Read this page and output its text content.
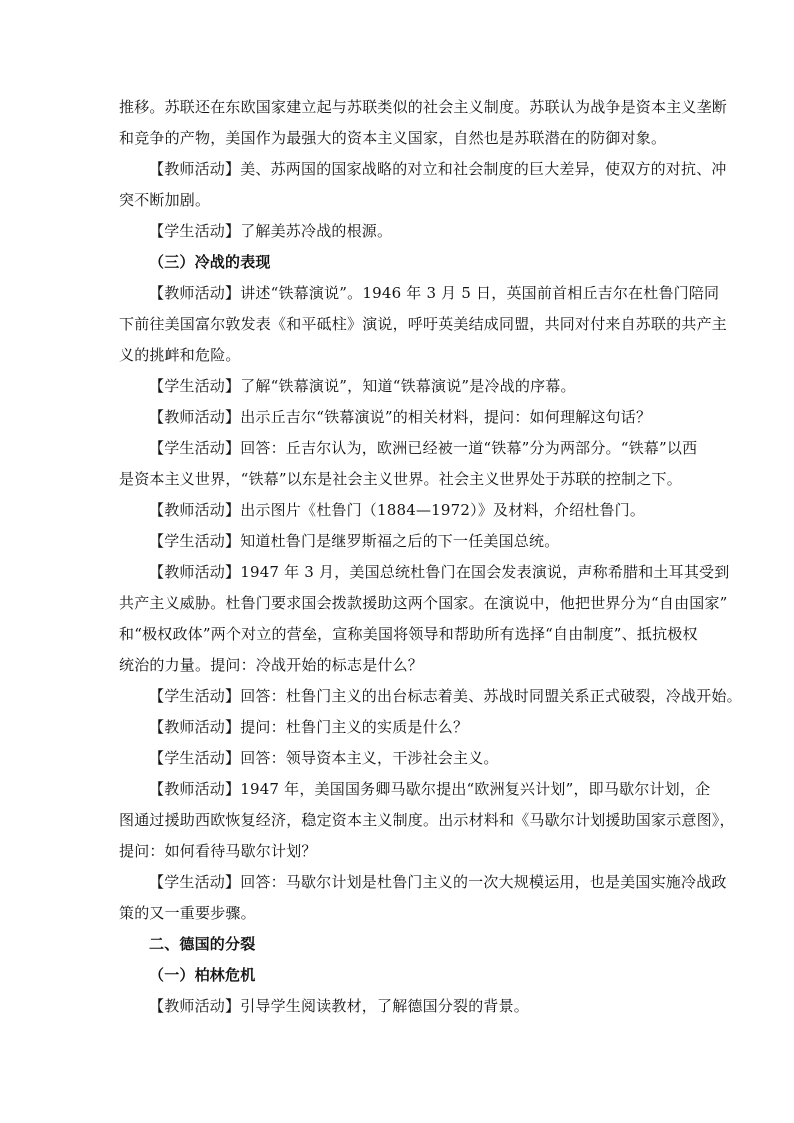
推移。苏联还在东欧国家建立起与苏联类似的社会主义制度。苏联认为战争是资本主义垄断
和竞争的产物，美国作为最强大的资本主义国家，自然也是苏联潜在的防御对象。
【教师活动】美、苏两国的国家战略的对立和社会制度的巨大差异，使双方的对抗、冲
突不断加剧。
【学生活动】了解美苏冷战的根源。
（三）冷战的表现
【教师活动】讲述“铁幕演说”。1946 年 3 月 5 日，英国前首相丘吉尔在杜鲁门陪同
下前往美国富尔敦发表《和平砥柱》演说，呼吁英美结成同盟，共同对付来自苏联的共产主
义的挑衅和危险。
【学生活动】了解“铁幕演说”，知道“铁幕演说”是冷战的序幕。
【教师活动】出示丘吉尔“铁幕演说”的相关材料，提问：如何理解这句话？
【学生活动】回答：丘吉尔认为，欧洲已经被一道“铁幕”分为两部分。“铁幕”以西
是资本主义世界，“铁幕”以东是社会主义世界。社会主义世界处于苏联的控制之下。
【教师活动】出示图片《杜鲁门（1884—1972）》及材料，介绍杜鲁门。
【学生活动】知道杜鲁门是继罗斯福之后的下一任美国总统。
【教师活动】1947 年 3 月，美国总统杜鲁门在国会发表演说，声称希腊和土耳其受到
共产主义威胁。杜鲁门要求国会拨款援助这两个国家。在演说中，他把世界分为“自由国家”
和“极权政体”两个对立的营垒，宣称美国将领导和帮助所有选择“自由制度”、抵抗极权
统治的力量。提问：冷战开始的标志是什么？
【学生活动】回答：杜鲁门主义的出台标志着美、苏战时同盟关系正式破裂，冷战开始。
【教师活动】提问：杜鲁门主义的实质是什么？
【学生活动】回答：领导资本主义，干涉社会主义。
【教师活动】1947 年，美国国务卿马歇尔提出“欧洲复兴计划”，即马歇尔计划，企
图通过援助西欧恢复经济，稳定资本主义制度。出示材料和《马歇尔计划援助国家示意图》，
提问：如何看待马歇尔计划？
【学生活动】回答：马歇尔计划是杜鲁门主义的一次大规模运用，也是美国实施冷战政
策的又一重要步骤。
二、德国的分裂
（一）柏林危机
【教师活动】引导学生阅读教材，了解德国分裂的背景。
